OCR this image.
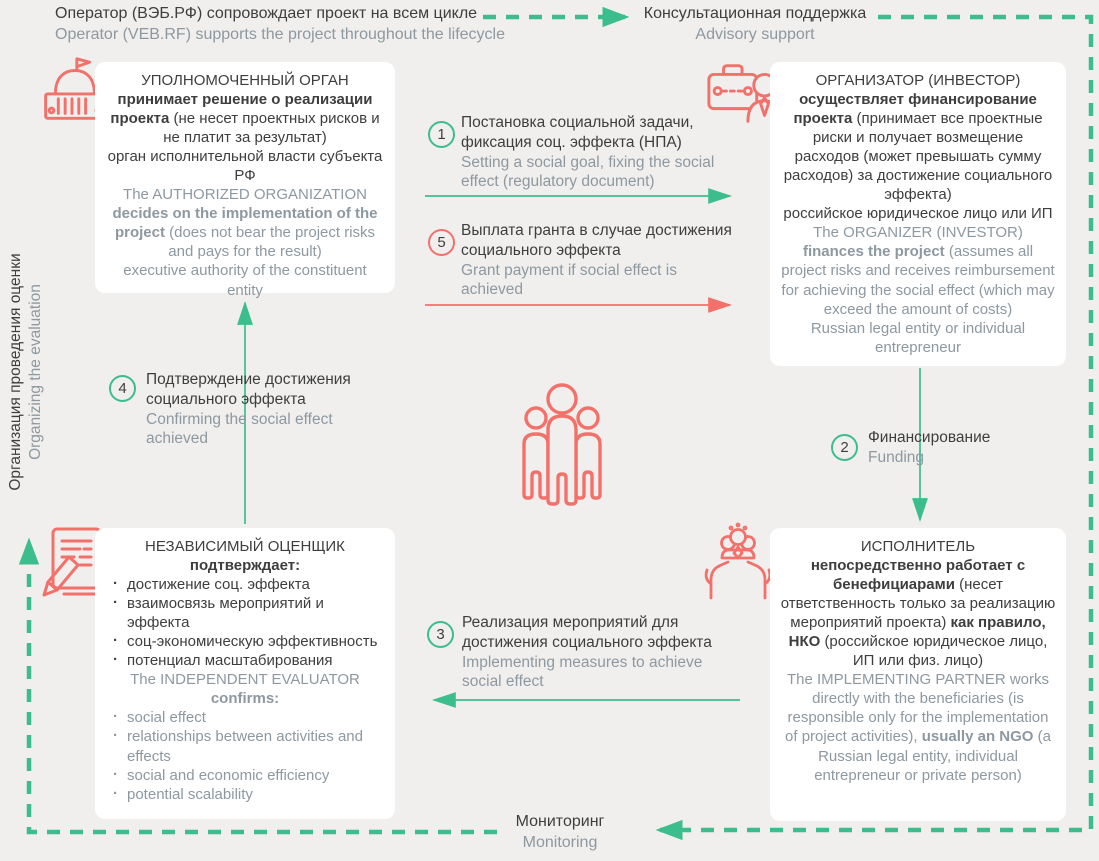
Оператор (ВЭБ.РФ) сопровождает проект на всем цикле
Operator (VEB.RF) supports the project throughout the lifecycle
Консультационная поддержка
Advisory support
Организация проведения оценки Organizing the evaluation
УПОЛНОМОЧЕННЫЙ ОРГАН
принимает решение о реализации проекта (не несет проектных рисков и не платит за результат)
орган исполнительной власти субъекта РФ
The AUTHORIZED ORGANIZATION
decides on the implementation of the project (does not bear the project risks and pays for the result)
executive authority of the constituent entity
ОРГАНИЗАТОР (ИНВЕСТОР)
осуществляет финансирование проекта (принимает все проектные риски и получает возмещение расходов (может превышать сумму расходов) за достижение социального эффекта)
российское юридическое лицо или ИП
The ORGANIZER (INVESTOR)
finances the project (assumes all project risks and receives reimbursement for achieving the social effect (which may exceed the amount of costs)
Russian legal entity or individual entrepreneur
НЕЗАВИСИМЫЙ ОЦЕНЩИК
подтверждает:
· достижение соц. эффекта
· взаимосвязь мероприятий и эффекта
· соц-экономическую эффективность
· потенциал масштабирования
The INDEPENDENT EVALUATOR
confirms:
· social effect
· relationships between activities and effects
· social and economic efficiency
· potential scalability
ИСПОЛНИТЕЛЬ
непосредственно работает с бенефициарами (несет ответственность только за реализацию мероприятий проекта) как правило, НКО (российское юридическое лицо, ИП или физ. лицо)
The IMPLEMENTING PARTNER works directly with the beneficiaries (is responsible only for the implementation of project activities), usually an NGO (a Russian legal entity, individual entrepreneur or private person)
1
Постановка социальной задачи, фиксация соц. эффекта (НПА)
Setting a social goal, fixing the social effect (regulatory document)
5
Выплата гранта в случае достижения социального эффекта
Grant payment if social effect is achieved
4
Подтверждение достижения социального эффекта
Confirming the social effect achieved
2
Финансирование
Funding
3
Реализация мероприятий для достижения социального эффекта
Implementing measures to achieve social effect
Мониторинг
Monitoring
